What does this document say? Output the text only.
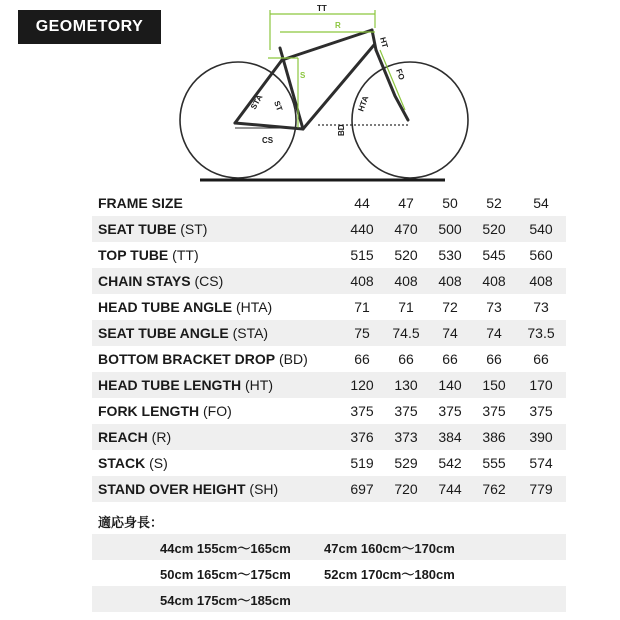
GEOMETORY
TT
R
HT
S	FO
STA ST	HTA
CS
BD
FRAME SIZE	44	47	50	52	54
SEAT TUBE (ST)	440	470	500	520	540
TOP TUBE (TT)	515	520	530	545	560
CHAIN STAYS (CS)	408	408	408	408	408
HEAD TUBE ANGLE (HTA)	71	71	72	73	73
SEAT TUBE ANGLE (STA)	75	74.5	74	74	73.5
BOTTOM BRACKET DROP (BD)	66	66	66	66	66
HEAD TUBE LENGTH (HT)	120	130	140	150	170
FORK LENGTH (FO)	375	375	375	375	375
REACH (R)	376	373	384	386	390
STACK (S)	519	529	542	555	574
STAND OVER HEIGHT (SH)	697	720	744	762	779
適応身長：
44cm 155cm〜165cm	47cm 160cm〜170cm
50cm 165cm〜175cm	52cm 170cm〜180cm
54cm 175cm〜185cm
